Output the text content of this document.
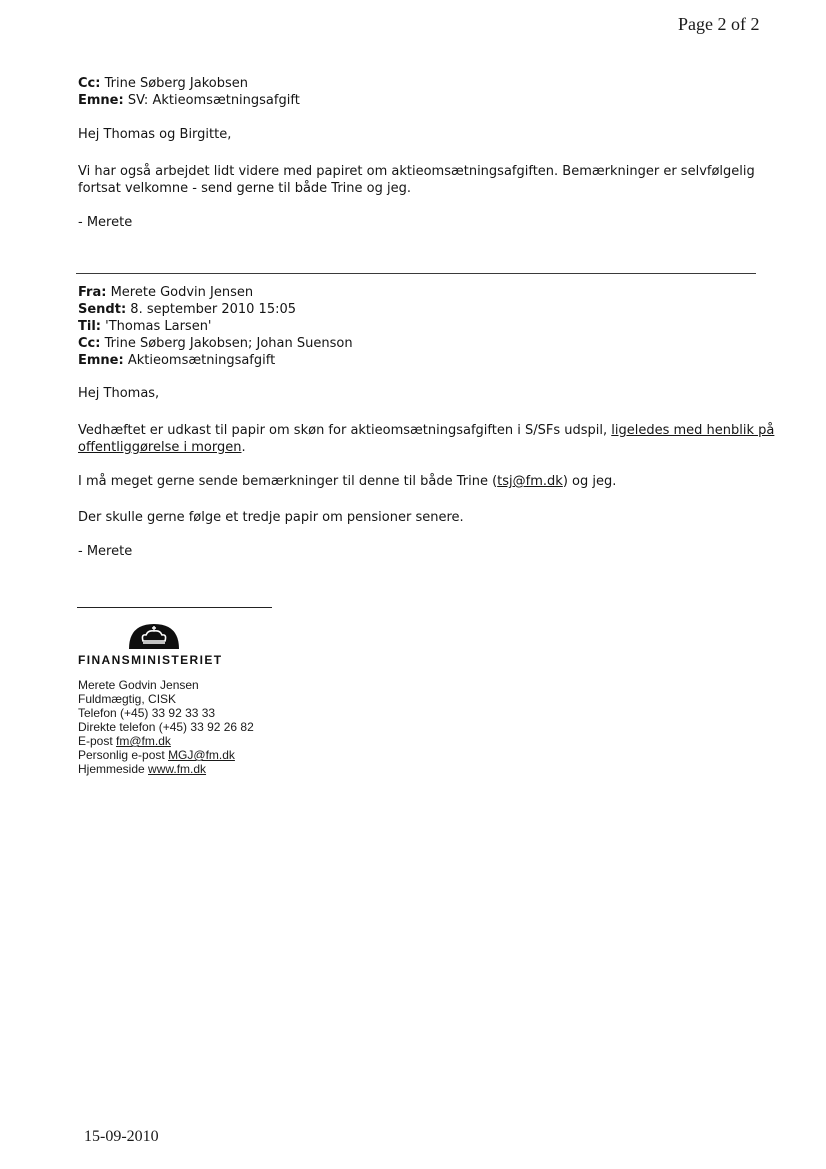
Page 2 of 2
Cc: Trine Søberg Jakobsen
Emne: SV: Aktieomsætningsafgift
Hej Thomas og Birgitte,
Vi har også arbejdet lidt videre med papiret om aktieomsætningsafgiften. Bemærkninger er selvfølgelig
fortsat velkomne - send gerne til både Trine og jeg.
- Merete
Fra: Merete Godvin Jensen
Sendt: 8. september 2010 15:05
Til: 'Thomas Larsen'
Cc: Trine Søberg Jakobsen; Johan Suenson
Emne: Aktieomsætningsafgift
Hej Thomas,
Vedhæftet er udkast til papir om skøn for aktieomsætningsafgiften i S/SFs udspil, ligeledes med henblik på
offentliggørelse i morgen.
I må meget gerne sende bemærkninger til denne til både Trine (tsj@fm.dk) og jeg.
Der skulle gerne følge et tredje papir om pensioner senere.
- Merete
FINANSMINISTERIET
Merete Godvin Jensen
Fuldmægtig, CISK
Telefon (+45) 33 92 33 33
Direkte telefon (+45) 33 92 26 82
E-post fm@fm.dk
Personlig e-post MGJ@fm.dk
Hjemmeside www.fm.dk
15-09-2010
